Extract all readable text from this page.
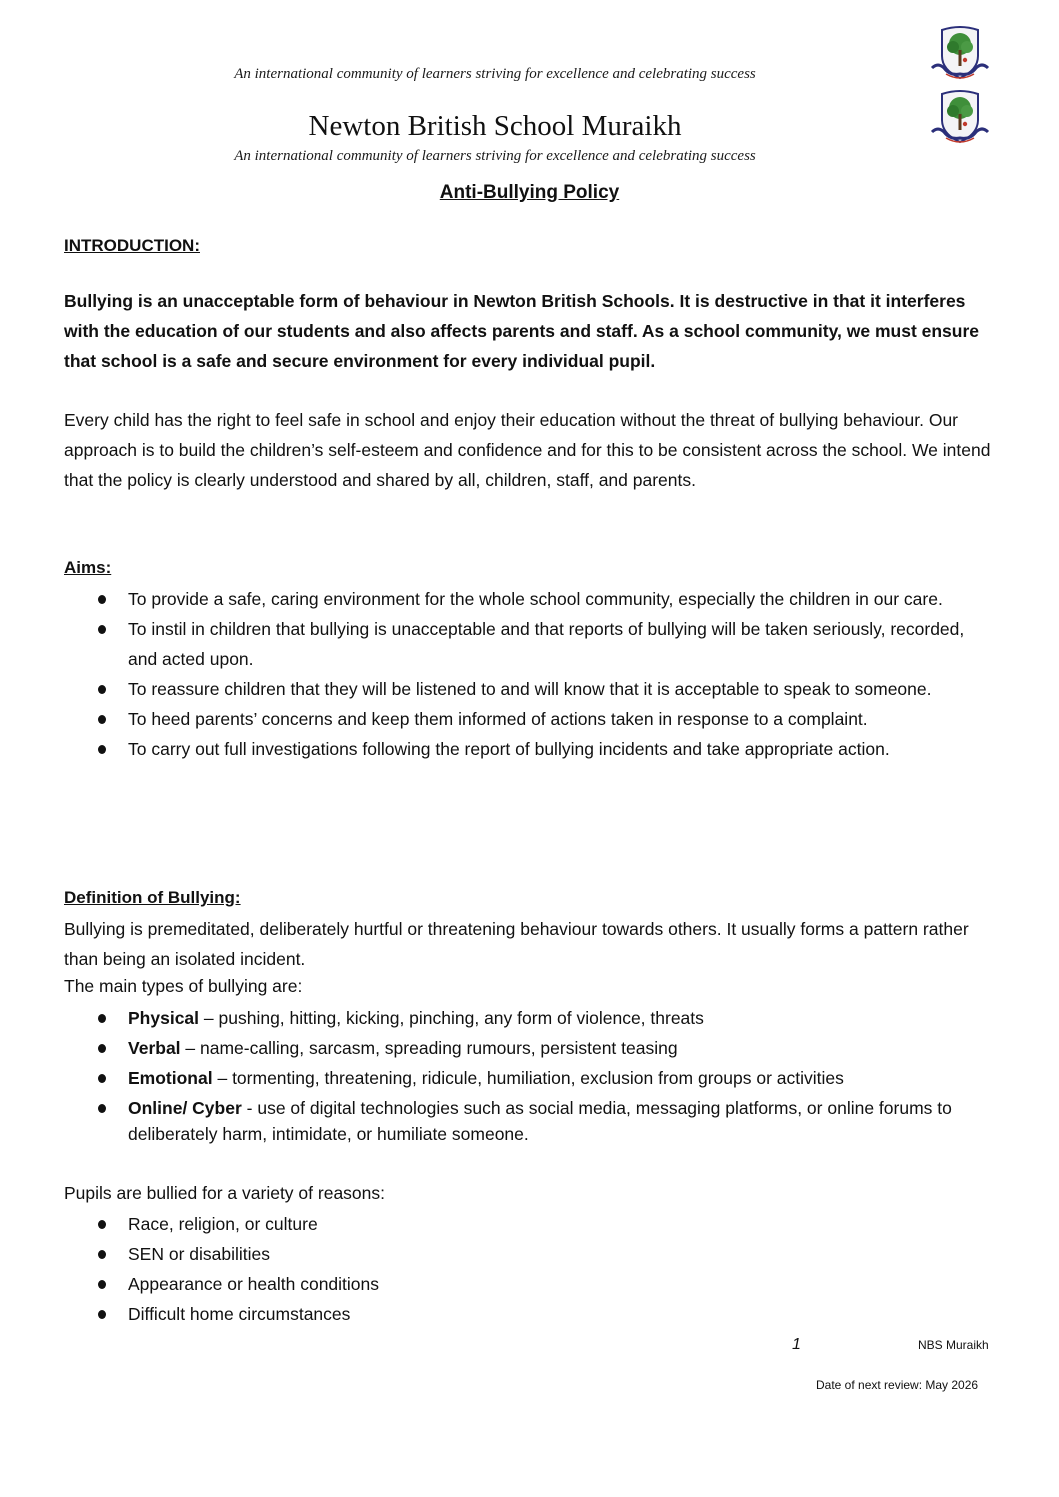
An international community of learners striving for excellence and celebrating success
Newton British School Muraikh
An international community of learners striving for excellence and celebrating success
Anti-Bullying Policy
INTRODUCTION:
Bullying is an unacceptable form of behaviour in Newton British Schools. It is destructive in that it interferes with the education of our students and also affects parents and staff. As a school community, we must ensure that school is a safe and secure environment for every individual pupil.
Every child has the right to feel safe in school and enjoy their education without the threat of bullying behaviour. Our approach is to build the children’s self-esteem and confidence and for this to be consistent across the school. We intend that the policy is clearly understood and shared by all, children, staff, and parents.
Aims:
To provide a safe, caring environment for the whole school community, especially the children in our care.
To instil in children that bullying is unacceptable and that reports of bullying will be taken seriously, recorded, and acted upon.
To reassure children that they will be listened to and will know that it is acceptable to speak to someone.
To heed parents’ concerns and keep them informed of actions taken in response to a complaint.
To carry out full investigations following the report of bullying incidents and take appropriate action.
Definition of Bullying:
Bullying is premeditated, deliberately hurtful or threatening behaviour towards others. It usually forms a pattern rather than being an isolated incident.
The main types of bullying are:
Physical – pushing, hitting, kicking, pinching, any form of violence, threats
Verbal – name-calling, sarcasm, spreading rumours, persistent teasing
Emotional – tormenting, threatening, ridicule, humiliation, exclusion from groups or activities
Online/ Cyber - use of digital technologies such as social media, messaging platforms, or online forums to deliberately harm, intimidate, or humiliate someone.
Pupils are bullied for a variety of reasons:
Race, religion, or culture
SEN or disabilities
Appearance or health conditions
Difficult home circumstances
1	NBS Muraikh
Date of next review: May 2026
